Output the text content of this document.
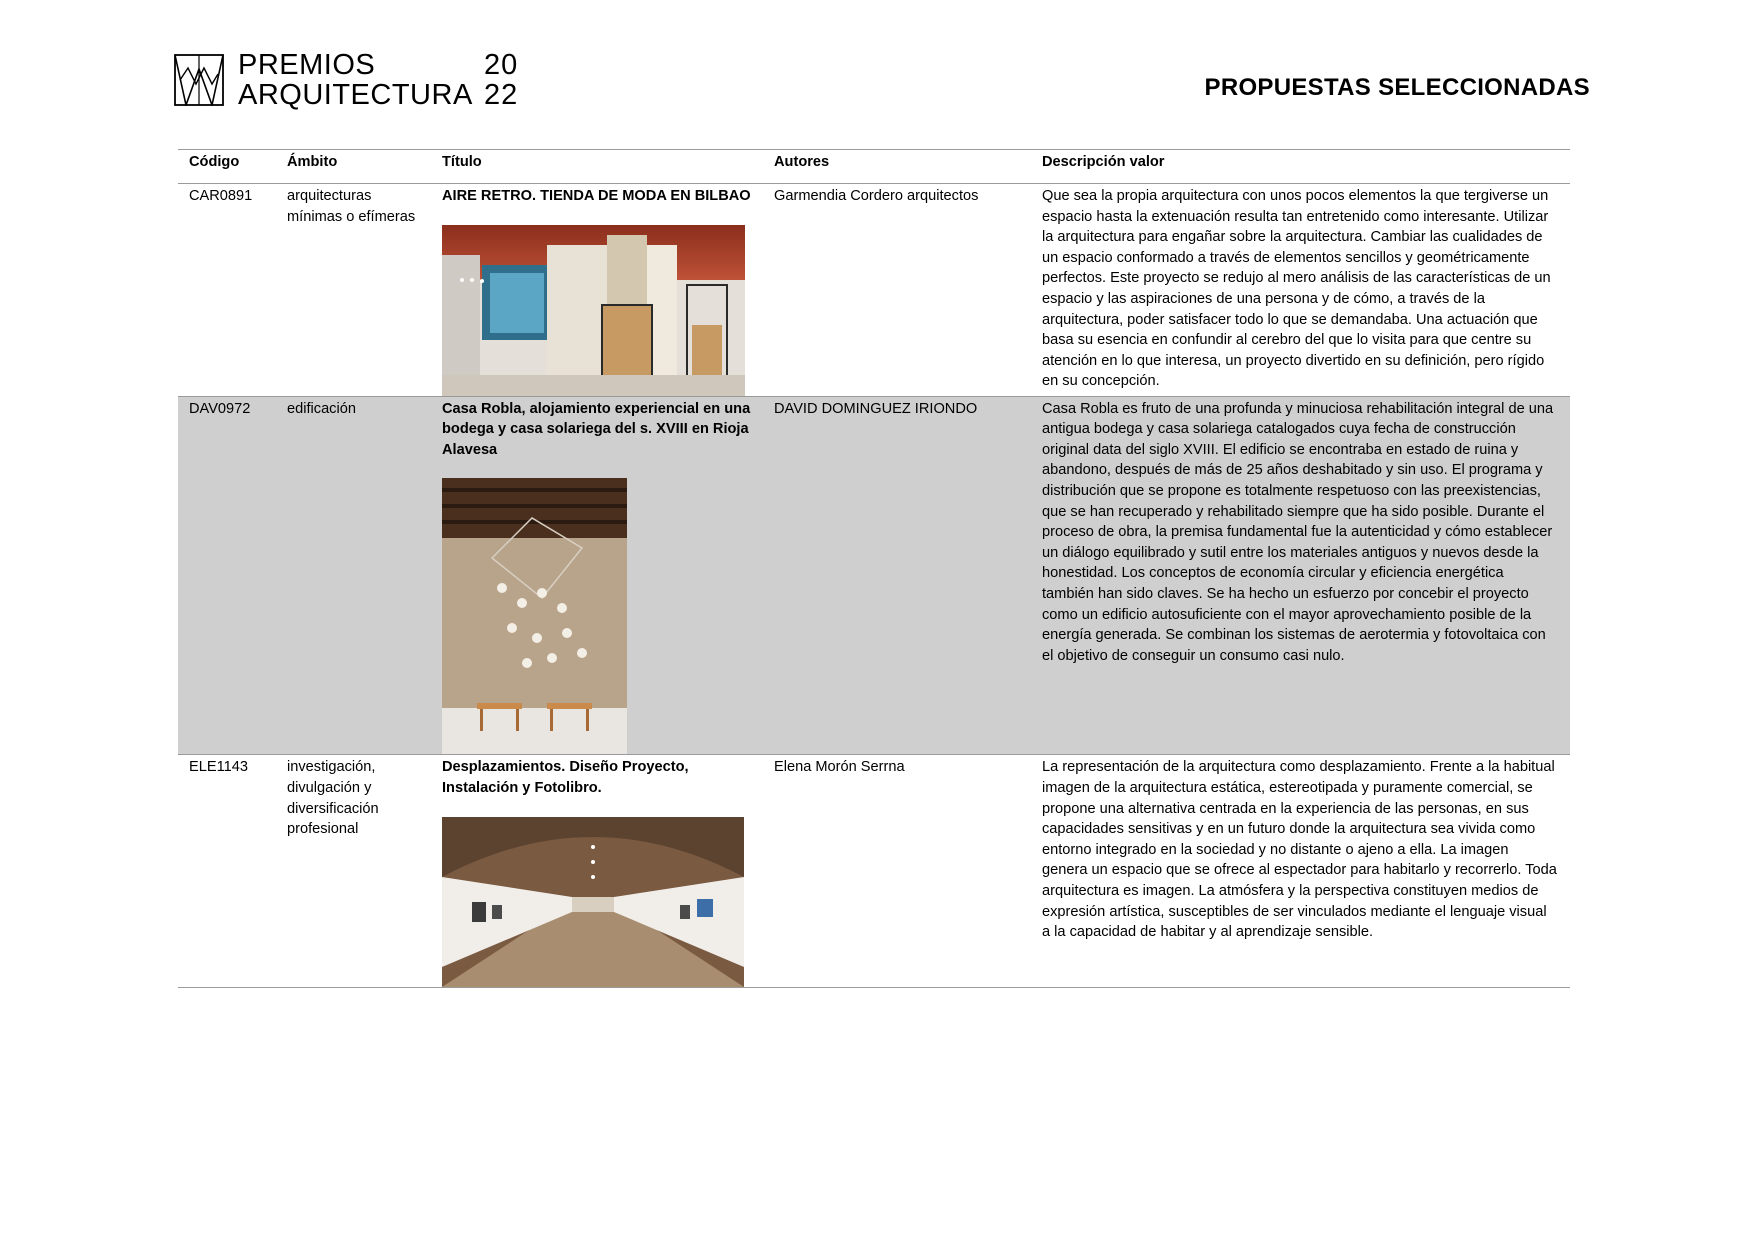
PREMIOS
ARQUITECTURA
20
22	PROPUESTAS SELECCIONADAS
Código	Ámbito	Título	Autores	Descripción valor
CAR0891	arquitecturas mínimas o efímeras	AIRE RETRO. TIENDA DE MODA EN BILBAO	Garmendia Cordero arquitectos	Que sea la propia arquitectura con unos pocos elementos la que tergiverse un espacio hasta la extenuación resulta tan entretenido como interesante. Utilizar la arquitectura para engañar sobre la arquitectura. Cambiar las cualidades de un espacio conformado a través de elementos sencillos y geométricamente perfectos. Este proyecto se redujo al mero análisis de las características de un espacio y las aspiraciones de una persona y de cómo, a través de la arquitectura, poder satisfacer todo lo que se demandaba. Una actuación que basa su esencia en confundir al cerebro del que lo visita para que centre su atención en lo que interesa, un proyecto divertido en su definición, pero rígido en su concepción.
DAV0972	edificación	Casa Robla, alojamiento experiencial en una bodega y casa solariega del s. XVIII en Rioja Alavesa	DAVID DOMINGUEZ IRIONDO	Casa Robla es fruto de una profunda y minuciosa rehabilitación integral de una antigua bodega y casa solariega catalogados cuya fecha de construcción original data del siglo XVIII. El edificio se encontraba en estado de ruina y abandono, después de más de 25 años deshabitado y sin uso. El programa y distribución que se propone es totalmente respetuoso con las preexistencias, que se han recuperado y rehabilitado siempre que ha sido posible. Durante el proceso de obra, la premisa fundamental fue la autenticidad y cómo establecer un diálogo equilibrado y sutil entre los materiales antiguos y nuevos desde la honestidad. Los conceptos de economía circular y eficiencia energética también han sido claves. Se ha hecho un esfuerzo por concebir el proyecto como un edificio autosuficiente con el mayor aprovechamiento posible de la energía generada. Se combinan los sistemas de aerotermia y fotovoltaica con el objetivo de conseguir un consumo casi nulo.
ELE1143	investigación, divulgación y diversificación profesional	Desplazamientos. Diseño Proyecto, Instalación y Fotolibro.	Elena Morón Serrna	La representación de la arquitectura como desplazamiento. Frente a la habitual imagen de la arquitectura estática, estereotipada y puramente comercial, se propone una alternativa centrada en la experiencia de las personas, en sus capacidades sensitivas y en un futuro donde la arquitectura sea vivida como entorno integrado en la sociedad y no distante o ajeno a ella. La imagen genera un espacio que se ofrece al espectador para habitarlo y recorrerlo. Toda arquitectura es imagen. La atmósfera y la perspectiva constituyen medios de expresión artística, susceptibles de ser vinculados mediante el lenguaje visual a la capacidad de habitar y al aprendizaje sensible.
